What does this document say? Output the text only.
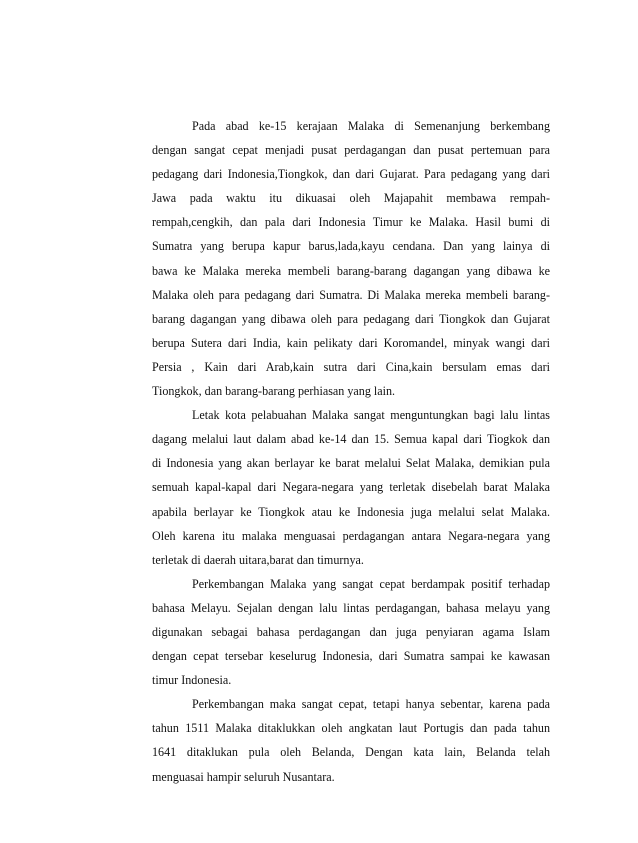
Pada abad ke-15 kerajaan Malaka di Semenanjung berkembang
dengan sangat cepat menjadi pusat perdagangan dan pusat pertemuan para
pedagang dari Indonesia,Tiongkok, dan dari Gujarat. Para pedagang yang dari
Jawa pada waktu itu dikuasai oleh Majapahit membawa rempah-
rempah,cengkih, dan pala dari Indonesia Timur ke Malaka. Hasil bumi di
Sumatra yang berupa kapur barus,lada,kayu cendana. Dan yang lainya di
bawa ke Malaka mereka membeli barang-barang dagangan yang dibawa ke
Malaka oleh para pedagang dari Sumatra. Di Malaka mereka membeli barang-
barang dagangan yang dibawa oleh para pedagang dari Tiongkok dan Gujarat
berupa Sutera dari India, kain pelikaty dari Koromandel, minyak wangi dari
Persia , Kain dari Arab,kain sutra dari Cina,kain bersulam emas dari
Tiongkok, dan barang-barang perhiasan yang lain.

Letak kota pelabuahan Malaka sangat menguntungkan bagi lalu lintas
dagang melalui laut dalam abad ke-14 dan 15. Semua kapal dari Tiogkok dan
di Indonesia yang akan berlayar ke barat melalui Selat Malaka, demikian pula
semuah kapal-kapal dari Negara-negara yang terletak disebelah barat Malaka
apabila berlayar ke Tiongkok atau ke Indonesia juga melalui selat Malaka.
Oleh karena itu malaka menguasai perdagangan antara Negara-negara yang
terletak di daerah uitara,barat dan timurnya.

Perkembangan Malaka yang sangat cepat berdampak positif terhadap
bahasa Melayu. Sejalan dengan lalu lintas perdagangan, bahasa melayu yang
digunakan sebagai bahasa perdagangan dan juga penyiaran agama Islam
dengan cepat tersebar keselurug Indonesia, dari Sumatra sampai ke kawasan
timur Indonesia.

Perkembangan maka sangat cepat, tetapi hanya sebentar, karena pada
tahun 1511 Malaka ditaklukkan oleh angkatan laut Portugis dan pada tahun
1641 ditaklukan pula oleh Belanda, Dengan kata lain, Belanda telah
menguasai hampir seluruh Nusantara.
